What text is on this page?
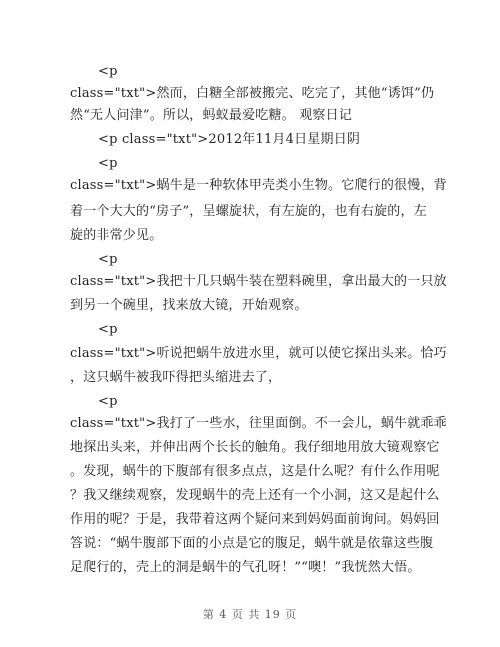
<p
class="txt">然而，白糖全部被搬完、吃完了，其他“诱饵”仍
然“无人问津”。所以，蚂蚁最爱吃糖。 观察日记
<p class="txt">2012年11月4日星期日阴
<p
class="txt">蜗牛是一种软体甲壳类小生物。它爬行的很慢，背
着一个大大的“房子”，呈螺旋状，有左旋的，也有右旋的，左
旋的非常少见。
<p
class="txt">我把十几只蜗牛装在塑料碗里，拿出最大的一只放
到另一个碗里，找来放大镜，开始观察。
<p
class="txt">听说把蜗牛放进水里，就可以使它探出头来。恰巧
，这只蜗牛被我吓得把头缩进去了，
<p
class="txt">我打了一些水，往里面倒。不一会儿，蜗牛就乖乖
地探出头来，并伸出两个长长的触角。我仔细地用放大镜观察它
。发现，蜗牛的下腹部有很多点点，这是什么呢？有什么作用呢
？我又继续观察，发现蜗牛的壳上还有一个小洞，这又是起什么
作用的呢？于是，我带着这两个疑问来到妈妈面前询问。妈妈回
答说：“蜗牛腹部下面的小点是它的腹足，蜗牛就是依靠这些腹
足爬行的，壳上的洞是蜗牛的气孔呀！”“噢！”我恍然大悟。
第 4 页 共 19 页
